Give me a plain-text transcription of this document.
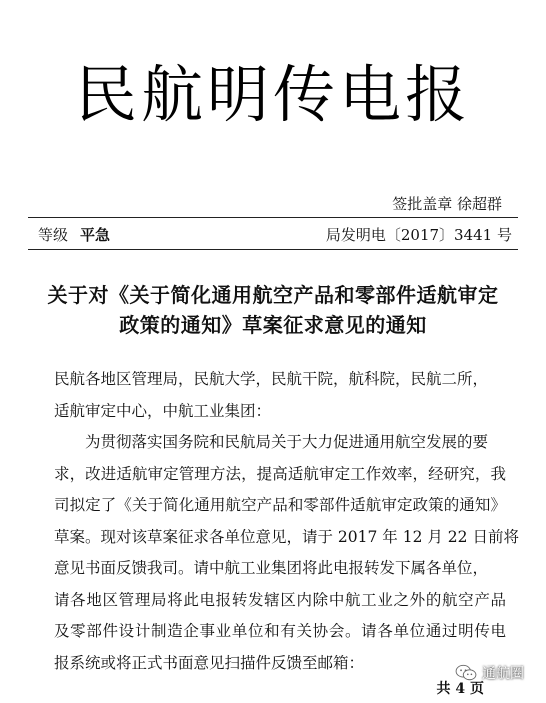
民航明传电报
签批盖章 徐超群
等级 平急	局发明电〔2017〕3441 号
关于对《关于简化通用航空产品和零部件适航审定
政策的通知》草案征求意见的通知
民航各地区管理局，民航大学，民航干院，航科院，民航二所，
适航审定中心，中航工业集团：
为贯彻落实国务院和民航局关于大力促进通用航空发展的要
求，改进适航审定管理方法，提高适航审定工作效率，经研究，我
司拟定了《关于简化通用航空产品和零部件适航审定政策的通知》
草案。现对该草案征求各单位意见，请于 2017 年 12 月 22 日前将
意见书面反馈我司。请中航工业集团将此电报转发下属各单位，
请各地区管理局将此电报转发辖区内除中航工业之外的航空产品
及零部件设计制造企事业单位和有关协会。请各单位通过明传电
报系统或将正式书面意见扫描件反馈至邮箱：
共 4 页
通航圈
